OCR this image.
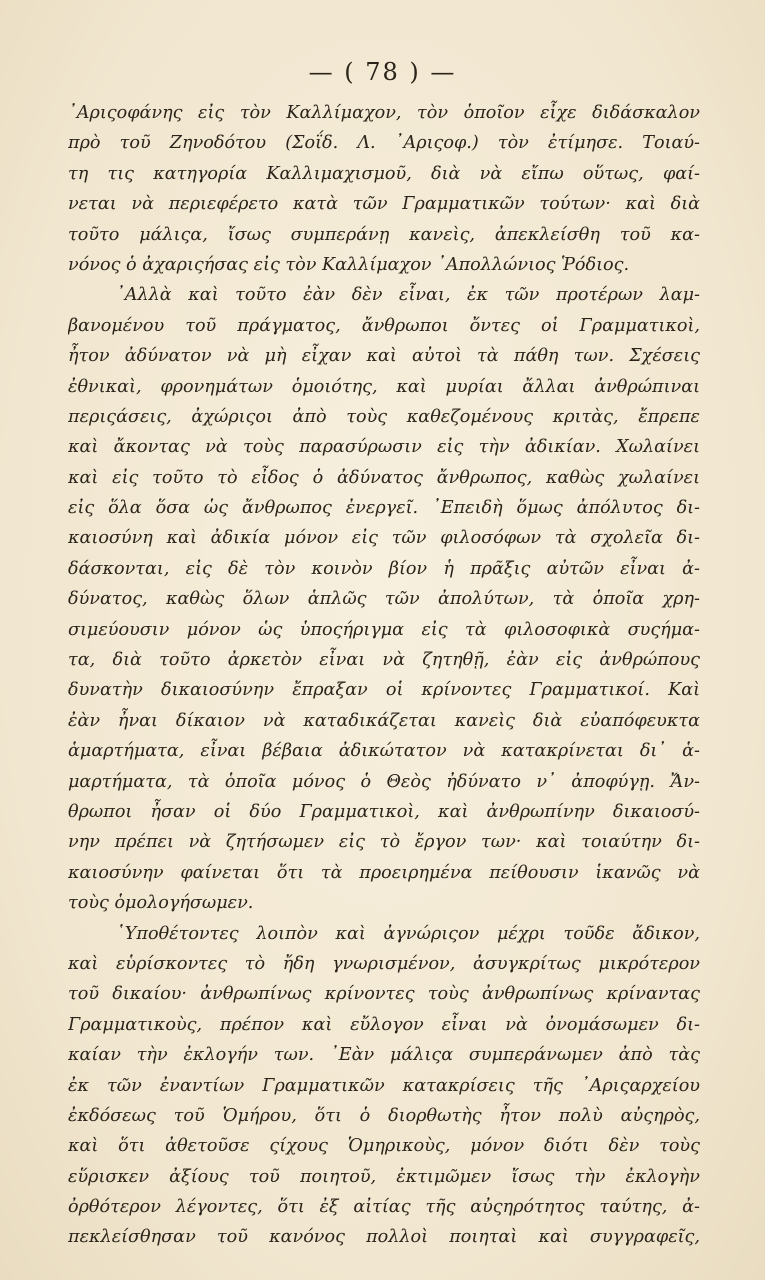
— ( 78 ) —
᾿Αριςοφάνης εἰς τὸν Καλλίμαχον, τὸν ὁποῖον εἶχε διδάσκαλον
πρὸ τοῦ Ζηνοδότου (Σοΐδ. Λ. ᾿Αριςοφ.) τὸν ἐτίμησε. Τοιαύ-
τη τις κατηγορία Καλλιμαχισμοῦ, διὰ νὰ εἴπω οὕτως, φαί-
νεται νὰ περιεφέρετο κατὰ τῶν Γραμματικῶν τούτων· καὶ διὰ
τοῦτο μάλιςα, ἴσως συμπεράνῃ κανεὶς, ἀπεκλείσθη τοῦ κα-
νόνος ὁ ἀχαριςήσας εἰς τὸν Καλλίμαχον ᾿Απολλώνιος Ῥόδιος.
᾿Αλλὰ καὶ τοῦτο ἐὰν δὲν εἶναι, ἐκ τῶν προτέρων λαμ-
βανομένου τοῦ πράγματος, ἄνθρωποι ὄντες οἱ Γραμματικοὶ,
ἦτον ἀδύνατον νὰ μὴ εἶχαν καὶ αὐτοὶ τὰ πάθη των. Σχέσεις
ἐθνικαὶ, φρονημάτων ὁμοιότης, καὶ μυρίαι ἄλλαι ἀνθρώπιναι
περιςάσεις, ἀχώριςοι ἀπὸ τοὺς καθεζομένους κριτὰς, ἔπρεπε
καὶ ἄκοντας νὰ τοὺς παρασύρωσιν εἰς τὴν ἀδικίαν. Χωλαίνει
καὶ εἰς τοῦτο τὸ εἶδος ὁ ἀδύνατος ἄνθρωπος, καθὼς χωλαίνει
εἰς ὅλα ὅσα ὡς ἄνθρωπος ἐνεργεῖ. ᾿Επειδὴ ὅμως ἀπόλυτος δι-
καιοσύνη καὶ ἀδικία μόνον εἰς τῶν φιλοσόφων τὰ σχολεῖα δι-
δάσκονται, εἰς δὲ τὸν κοινὸν βίον ἡ πρᾶξις αὐτῶν εἶναι ἀ-
δύνατος, καθὼς ὅλων ἁπλῶς τῶν ἀπολύτων, τὰ ὁποῖα χρη-
σιμεύουσιν μόνον ὡς ὑποςήριγμα εἰς τὰ φιλοσοφικὰ συςήμα-
τα, διὰ τοῦτο ἀρκετὸν εἶναι νὰ ζητηθῇ, ἐὰν εἰς ἀνθρώπους
δυνατὴν δικαιοσύνην ἔπραξαν οἱ κρίνοντες Γραμματικοί. Καὶ
ἐὰν ἦναι δίκαιον νὰ καταδικάζεται κανεὶς διὰ εὐαπόφευκτα
ἁμαρτήματα, εἶναι βέβαια ἀδικώτατον νὰ κατακρίνεται δι᾽ ἁ-
μαρτήματα, τὰ ὁποῖα μόνος ὁ Θεὸς ἠδύνατο ν᾽ ἀποφύγῃ. Ἄν-
θρωποι ἦσαν οἱ δύο Γραμματικοὶ, καὶ ἀνθρωπίνην δικαιοσύ-
νην πρέπει νὰ ζητήσωμεν εἰς τὸ ἔργον των· καὶ τοιαύτην δι-
καιοσύνην φαίνεται ὅτι τὰ προειρημένα πείθουσιν ἱκανῶς νὰ
τοὺς ὁμολογήσωμεν.
῾Υποθέτοντες λοιπὸν καὶ ἀγνώριςον μέχρι τοῦδε ἄδικον,
καὶ εὑρίσκοντες τὸ ἤδη γνωρισμένον, ἀσυγκρίτως μικρότερον
τοῦ δικαίου· ἀνθρωπίνως κρίνοντες τοὺς ἀνθρωπίνως κρίναντας
Γραμματικοὺς, πρέπον καὶ εὔλογον εἶναι νὰ ὀνομάσωμεν δι-
καίαν τὴν ἐκλογήν των. ᾿Εὰν μάλιςα συμπεράνωμεν ἀπὸ τὰς
ἐκ τῶν ἐναντίων Γραμματικῶν κατακρίσεις τῆς ᾿Αριςαρχείου
ἐκδόσεως τοῦ Ὁμήρου, ὅτι ὁ διορθωτὴς ἦτον πολὺ αὐςηρὸς,
καὶ ὅτι ἀθετοῦσε ςίχους Ὁμηρικοὺς, μόνον διότι δὲν τοὺς
εὕρισκεν ἀξίους τοῦ ποιητοῦ, ἐκτιμῶμεν ἴσως τὴν ἐκλογὴν
ὀρθότερον λέγοντες, ὅτι ἐξ αἰτίας τῆς αὐςηρότητος ταύτης, ἀ-
πεκλείσθησαν τοῦ κανόνος πολλοὶ ποιηταὶ καὶ συγγραφεῖς,
